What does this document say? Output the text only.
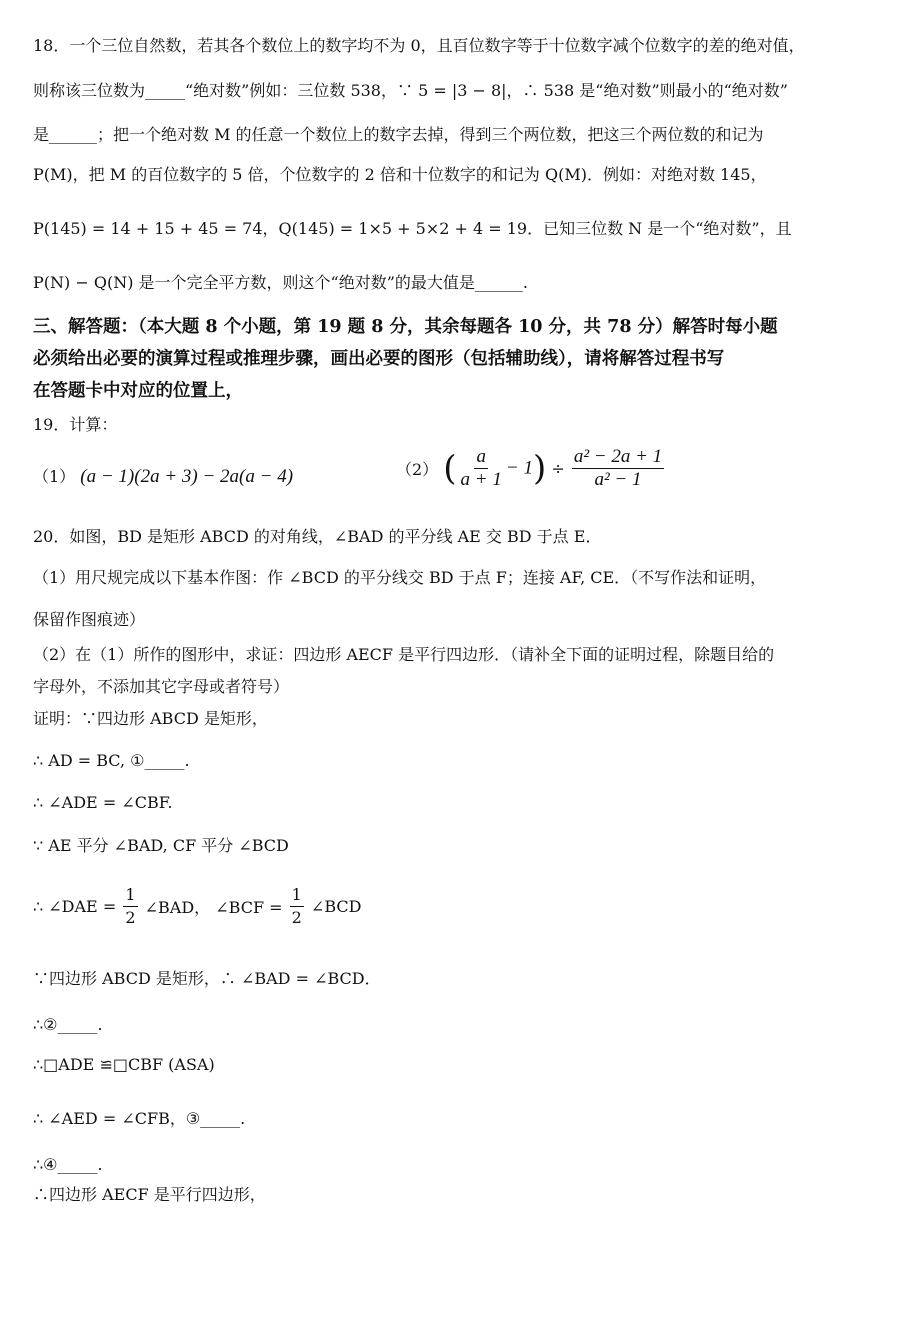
18．一个三位自然数，若其各个数位上的数字均不为 0，且百位数字等于十位数字减个位数字的差的绝对值，
则称该三位数为_____“绝对数”例如：三位数 538，∵ 5 = |3 − 8|，∴ 538 是“绝对数”则最小的“绝对数”
是______；把一个绝对数 M 的任意一个数位上的数字去掉，得到三个两位数，把这三个两位数的和记为
P(M)，把 M 的百位数字的 5 倍，个位数字的 2 倍和十位数字的和记为 Q(M)．例如：对绝对数 145，
P(145) = 14 + 15 + 45 = 74，Q(145) = 1×5 + 5×2 + 4 = 19．已知三位数 N 是一个“绝对数”，且
P(N) − Q(N) 是一个完全平方数，则这个“绝对数”的最大值是______.
三、解答题：（本大题 8 个小题，第 19 题 8 分，其余每题各 10 分，共 78 分）解答时每小题
必须给出必要的演算过程或推理步骤，画出必要的图形（包括辅助线），请将解答过程书写
在答题卡中对应的位置上，
19．计算：
（1） (a − 1)(2a + 3) − 2a(a − 4)	（2） ( $\frac{a}{a + 1} - 1) \div \frac{\text{a² − 2a + 1}}{\text{a² − 1}}$
20．如图，BD 是矩形 ABCD 的对角线，∠BAD 的平分线 AE 交 BD 于点 E．
（1）用尺规完成以下基本作图：作 ∠BCD 的平分线交 BD 于点 F；连接 AF, CE．（不写作法和证明，
保留作图痕迹）
（2）在（1）所作的图形中，求证：四边形 AECF 是平行四边形．（请补全下面的证明过程，除题目给的
字母外，不添加其它字母或者符号）
证明：∵四边形 ABCD 是矩形，
∴ AD = BC, ①_____.
∴ ∠ADE = ∠CBF.
∵ AE 平分 ∠BAD, CF 平分 ∠BCD
∴ ∠DAE = $\frac{1}{2}$ ∠BAD， ∠BCF = $\frac{1}{2}$ ∠BCD
∵四边形 ABCD 是矩形，∴ ∠BAD = ∠BCD．
∴②_____.
∴□ADE ≌□CBF (ASA)
∴ ∠AED = ∠CFB，③_____.
∴④_____.
∴四边形 AECF 是平行四边形，
